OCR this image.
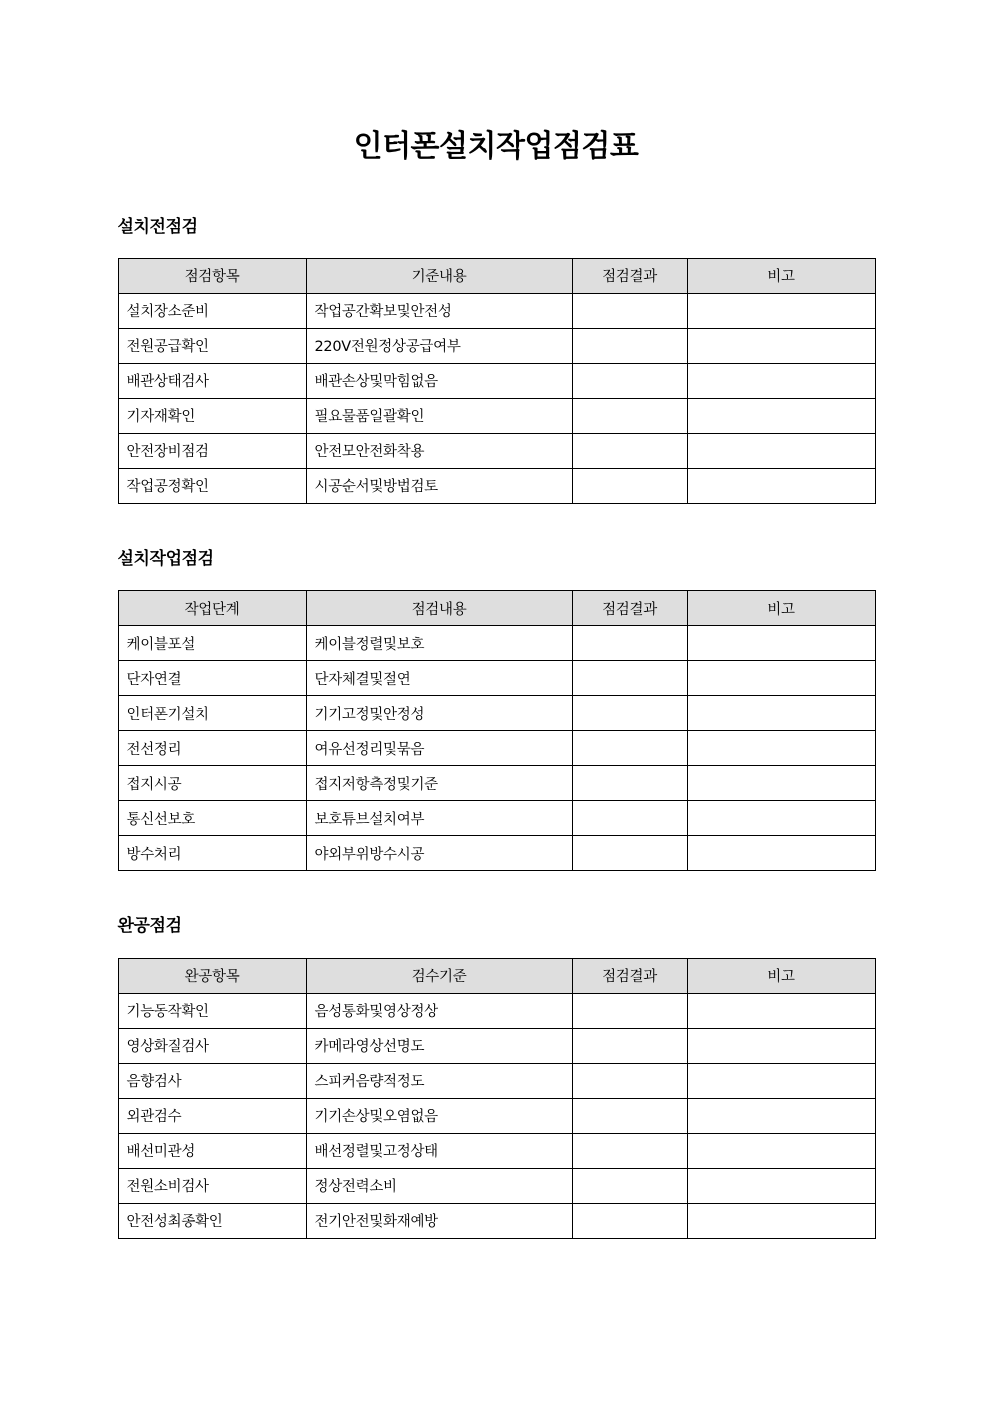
인터폰설치작업점검표
설치전점검
점검항목	기준내용	점검결과	비고
설치장소준비	작업공간확보및안전성		
전원공급확인	220V전원정상공급여부		
배관상태검사	배관손상및막힘없음		
기자재확인	필요물품일괄확인		
안전장비점검	안전모안전화착용		
작업공정확인	시공순서및방법검토		
설치작업점검
작업단계	점검내용	점검결과	비고
케이블포설	케이블정렬및보호		
단자연결	단자체결및절연		
인터폰기설치	기기고정및안정성		
전선정리	여유선정리및묶음		
접지시공	접지저항측정및기준		
통신선보호	보호튜브설치여부		
방수처리	야외부위방수시공		
완공점검
완공항목	검수기준	점검결과	비고
기능동작확인	음성통화및영상정상		
영상화질검사	카메라영상선명도		
음향검사	스피커음량적정도		
외관검수	기기손상및오염없음		
배선미관성	배선정렬및고정상태		
전원소비검사	정상전력소비		
안전성최종확인	전기안전및화재예방		
